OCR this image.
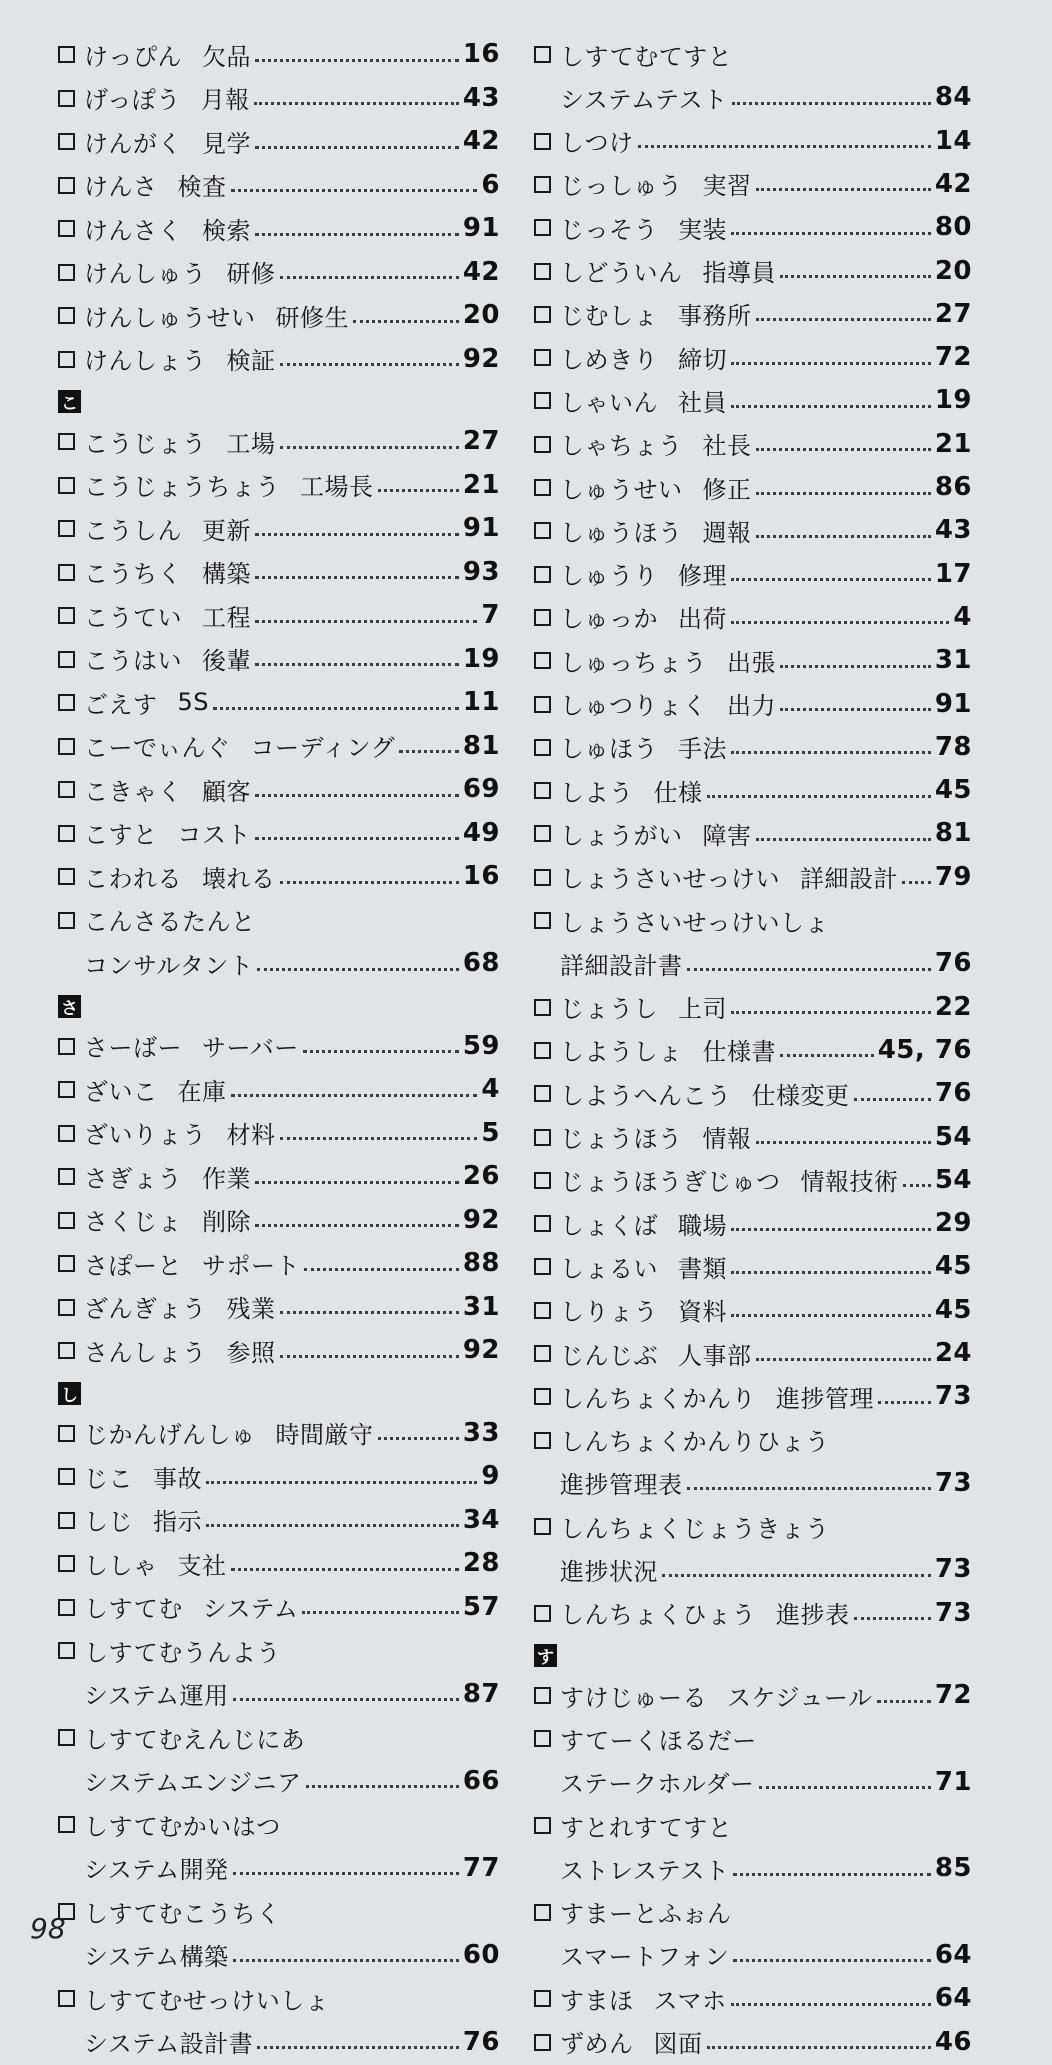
けっぴん 欠品	16
げっぽう 月報	43
けんがく 見学	42
けんさ 検査	6
けんさく 検索	91
けんしゅう 研修	42
けんしゅうせい 研修生	20
けんしょう 検証	92
こ
こうじょう 工場	27
こうじょうちょう 工場長	21
こうしん 更新	91
こうちく 構築	93
こうてい 工程	7
こうはい 後輩	19
ごえす 5S	11
こーでぃんぐ コーディング	81
こきゃく 顧客	69
こすと コスト	49
こわれる 壊れる	16
こんさるたんと
コンサルタント	68
さ
さーばー サーバー	59
ざいこ 在庫	4
ざいりょう 材料	5
さぎょう 作業	26
さくじょ 削除	92
さぽーと サポート	88
ざんぎょう 残業	31
さんしょう 参照	92
し
じかんげんしゅ 時間厳守	33
じこ 事故	9
しじ 指示	34
ししゃ 支社	28
しすてむ システム	57
しすてむうんよう
システム運用	87
しすてむえんじにあ
システムエンジニア	66
しすてむかいはつ
システム開発	77
しすてむこうちく
システム構築	60
しすてむせっけいしょ
システム設計書	76
しすてむてすと
システムテスト	84
しつけ	14
じっしゅう 実習	42
じっそう 実装	80
しどういん 指導員	20
じむしょ 事務所	27
しめきり 締切	72
しゃいん 社員	19
しゃちょう 社長	21
しゅうせい 修正	86
しゅうほう 週報	43
しゅうり 修理	17
しゅっか 出荷	4
しゅっちょう 出張	31
しゅつりょく 出力	91
しゅほう 手法	78
しよう 仕様	45
しょうがい 障害	81
しょうさいせっけい 詳細設計 79
しょうさいせっけいしょ
詳細設計書	76
じょうし 上司	22
しようしょ 仕様書	45, 76
しようへんこう 仕様変更	76
じょうほう 情報	54
じょうほうぎじゅつ 情報技術 54
しょくば 職場	29
しょるい 書類	45
しりょう 資料	45
じんじぶ 人事部	24
しんちょくかんり 進捗管理 73
しんちょくかんりひょう
進捗管理表	73
しんちょくじょうきょう
進捗状況	73
しんちょくひょう 進捗表	73
す
すけじゅーる スケジュール 72
すてーくほるだー
ステークホルダー	71
すとれすてすと
ストレステスト	85
すまーとふぉん
スマートフォン	64
すまほ スマホ	64
ずめん 図面	46
98
